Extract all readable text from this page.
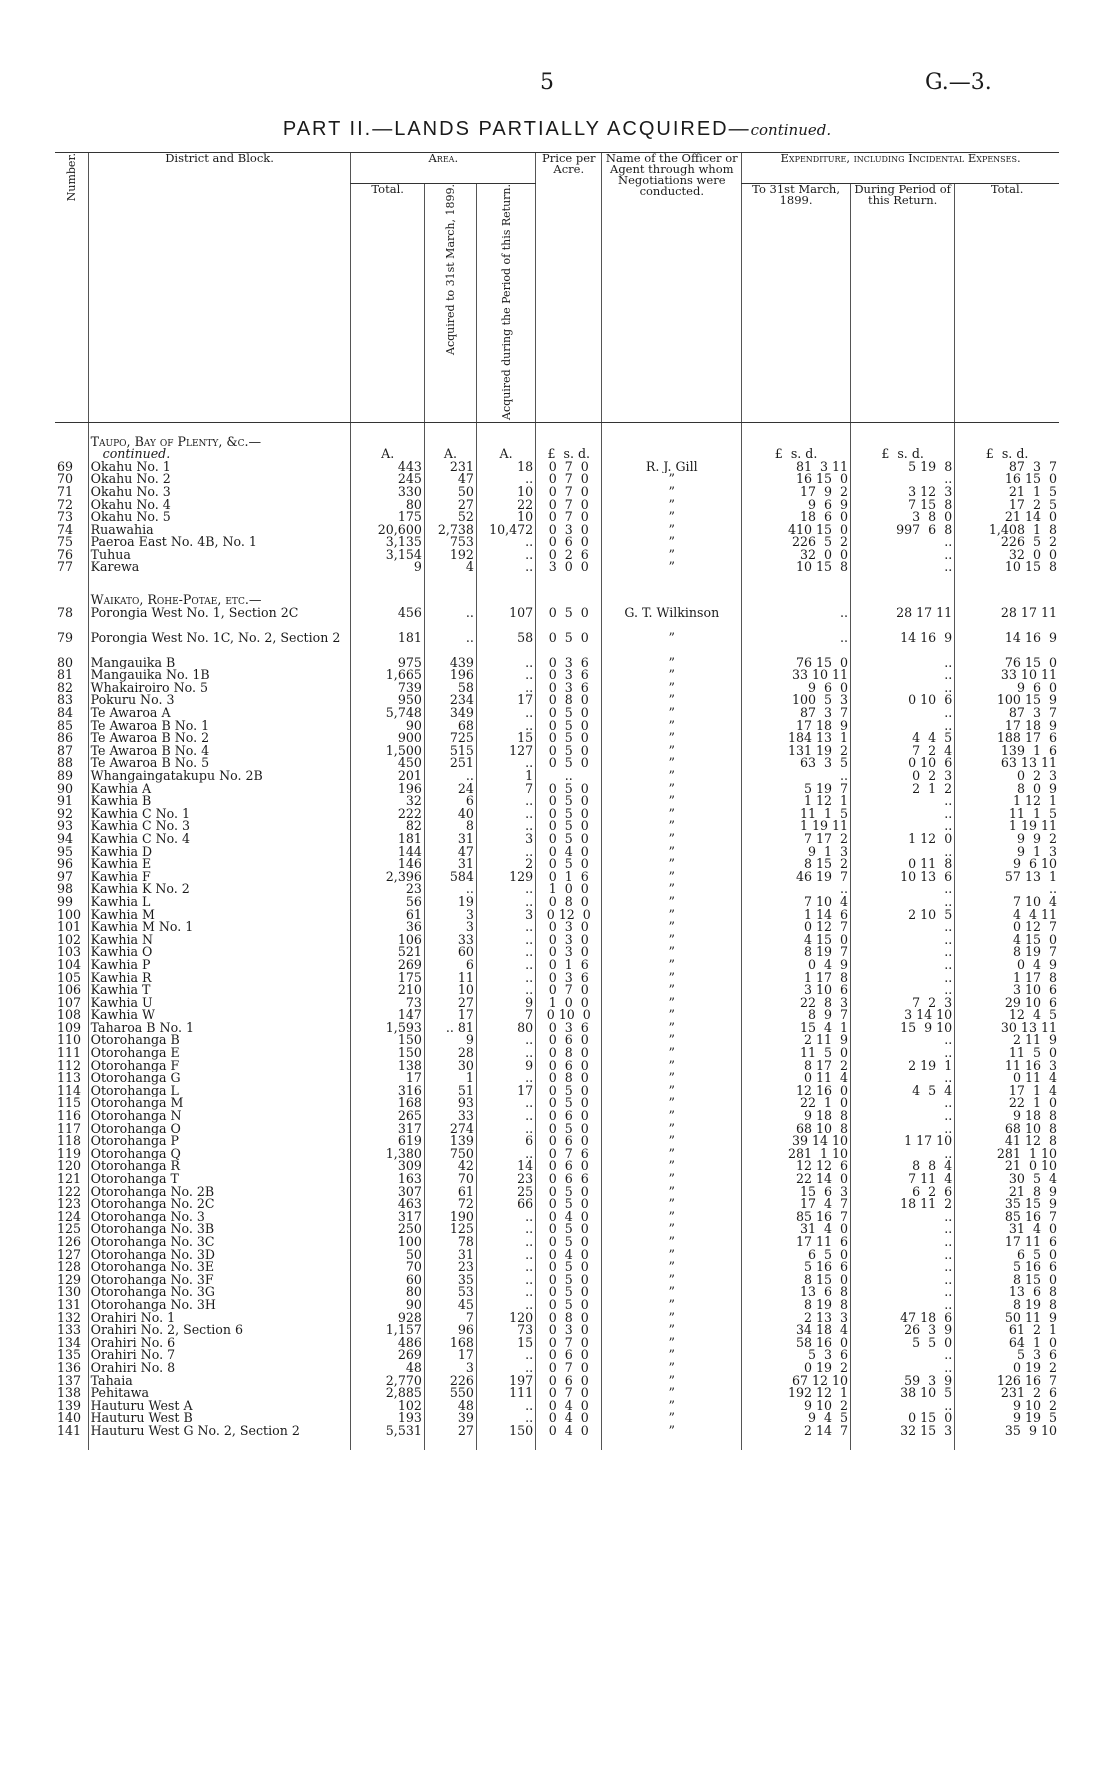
5	G.—3.
PART II.—LANDS PARTIALLY ACQUIRED—continued.
Number.	District and Block.	Area.			Price per Acre.	Name of the Officer or Agent through whom Negotiations were conducted.	Expenditure, including Incidental Expenses.		
		Total.	Acquired to 31st March, 1899.	Acquired during the Period of this Return.			To 31st March, 1899.	During Period of this Return.	Total.

	Taupo, Bay of Plenty, &c.—								
	continued.	A.	A.	A.	£ s. d.		£ s. d.	£ s. d.	£ s. d.
69	Okahu No. 1	443	231	18	0  7  0	R. J. Gill	81  3 11	5 19  8	87  3  7
70	Okahu No. 2	245	47	..	0  7  0	”	16 15  0	..	16 15  0
71	Okahu No. 3	330	50	10	0  7  0	”	17  9  2	3 12  3	21  1  5
72	Okahu No. 4	80	27	22	0  7  0	”	9  6  9	7 15  8	17  2  5
73	Okahu No. 5	175	52	10	0  7  0	”	18  6  0	3  8  0	21 14  0
74	Ruawahia	20,600	2,738	10,472	0  3  0	”	410 15  0	997  6  8	1,408  1  8
75	Paeroa East No. 4B, No. 1	3,135	753	..	0  6  0	”	226  5  2	..	226  5  2
76	Tuhua	3,154	192	..	0  2  6	”	32  0  0	..	32  0  0
77	Karewa	9	4	..	3  0  0	”	10 15  8	..	10 15  8

	Waikato, Rohe-Potae, etc.—								
78	Porongia West No. 1, Section 2C	456	..	107	0  5  0	G. T. Wilkinson	..	28 17 11	28 17 11
79	Porongia West No. 1C, No. 2, Section 2	181	..	58	0  5  0	”	..	14 16  9	14 16  9
80	Mangauika B	975	439	..	0  3  6	”	76 15  0	..	76 15  0
81	Mangauika No. 1B	1,665	196	..	0  3  6	”	33 10 11	..	33 10 11
82	Whakairoiro No. 5	739	58	..	0  3  6	”	9  6  0	..	9  6  0
83	Pokuru No. 3	950	234	17	0  8  0	”	100  5  3	0 10  6	100 15  9
84	Te Awaroa A	5,748	349	..	0  5  0	”	87  3  7	..	87  3  7
85	Te Awaroa B No. 1	90	68	..	0  5  0	”	17 18  9	..	17 18  9
86	Te Awaroa B No. 2	900	725	15	0  5  0	”	184 13  1	4  4  5	188 17  6
87	Te Awaroa B No. 4	1,500	515	127	0  5  0	”	131 19  2	7  2  4	139  1  6
88	Te Awaroa B No. 5	450	251	..	0  5  0	”	63  3  5	0 10  6	63 13 11
89	Whangaingatakupu No. 2B	201	..	1	..	”	..	0  2  3	0  2  3
90	Kawhia A	196	24	7	0  5  0	”	5 19  7	2  1  2	8  0  9
91	Kawhia B	32	6	..	0  5  0	”	1 12  1	..	1 12  1
92	Kawhia C No. 1	222	40	..	0  5  0	”	11  1  5	..	11  1  5
93	Kawhia C No. 3	82	8	..	0  5  0	”	1 19 11	..	1 19 11
94	Kawhia C No. 4	181	31	3	0  5  0	”	7 17  2	1 12  0	9  9  2
95	Kawhia D	144	47	..	0  4  0	”	9  1  3	..	9  1  3
96	Kawhia E	146	31	2	0  5  0	”	8 15  2	0 11  8	9  6 10
97	Kawhia F	2,396	584	129	0  1  6	”	46 19  7	10 13  6	57 13  1
98	Kawhia K No. 2	23	..	..	1  0  0	”	..	..	..
99	Kawhia L	56	19	..	0  8  0	”	7 10  4	..	7 10  4
100	Kawhia M	61	3	3	0 12  0	”	1 14  6	2 10  5	4  4 11
101	Kawhia M No. 1	36	3	..	0  3  0	”	0 12  7	..	0 12  7
102	Kawhia N	106	33	..	0  3  0	”	4 15  0	..	4 15  0
103	Kawhia O	521	60	..	0  3  0	”	8 19  7	..	8 19  7
104	Kawhia P	269	6	..	0  1  6	”	0  4  9	..	0  4  9
105	Kawhia R	175	11	..	0  3  6	”	1 17  8	..	1 17  8
106	Kawhia T	210	10	..	0  7  0	”	3 10  6	..	3 10  6
107	Kawhia U	73	27	9	1  0  0	”	22  8  3	7  2  3	29 10  6
108	Kawhia W	147	17	7	0 10  0	”	8  9  7	3 14 10	12  4  5
109	Taharoa B No. 1	1,593	.. 81	80	0  3  6	”	15  4  1	15  9 10	30 13 11
110	Otorohanga B	150	9	..	0  6  0	”	2 11  9	..	2 11  9
111	Otorohanga E	150	28	..	0  8  0	”	11  5  0	..	11  5  0
112	Otorohanga F	138	30	9	0  6  0	”	8 17  2	2 19  1	11 16  3
113	Otorohanga G	17	1	..	0  8  0	”	0 11  4	..	0 11  4
114	Otorohanga L	316	51	17	0  5  0	”	12 16  0	4  5  4	17  1  4
115	Otorohanga M	168	93	..	0  5  0	”	22  1  0	..	22  1  0
116	Otorohanga N	265	33	..	0  6  0	”	9 18  8	..	9 18  8
117	Otorohanga O	317	274	..	0  5  0	”	68 10  8	..	68 10  8
118	Otorohanga P	619	139	6	0  6  0	”	39 14 10	1 17 10	41 12  8
119	Otorohanga Q	1,380	750	..	0  7  6	”	281  1 10	..	281  1 10
120	Otorohanga R	309	42	14	0  6  0	”	12 12  6	8  8  4	21  0 10
121	Otorohanga T	163	70	23	0  6  6	”	22 14  0	7 11  4	30  5  4
122	Otorohanga No. 2B	307	61	25	0  5  0	”	15  6  3	6  2  6	21  8  9
123	Otorohanga No. 2C	463	72	66	0  5  0	”	17  4  7	18 11  2	35 15  9
124	Otorohanga No. 3	317	190	..	0  4  0	”	85 16  7	..	85 16  7
125	Otorohanga No. 3B	250	125	..	0  5  0	”	31  4  0	..	31  4  0
126	Otorohanga No. 3C	100	78	..	0  5  0	”	17 11  6	..	17 11  6
127	Otorohanga No. 3D	50	31	..	0  4  0	”	6  5  0	..	6  5  0
128	Otorohanga No. 3E	70	23	..	0  5  0	”	5 16  6	..	5 16  6
129	Otorohanga No. 3F	60	35	..	0  5  0	”	8 15  0	..	8 15  0
130	Otorohanga No. 3G	80	53	..	0  5  0	”	13  6  8	..	13  6  8
131	Otorohanga No. 3H	90	45	..	0  5  0	”	8 19  8	..	8 19  8
132	Orahiri No. 1	928	7	120	0  8  0	”	2 13  3	47 18  6	50 11  9
133	Orahiri No. 2, Section 6	1,157	96	73	0  3  0	”	34 18  4	26  3  9	61  2  1
134	Orahiri No. 6	486	168	15	0  7  0	”	58 16  0	5  5  0	64  1  0
135	Orahiri No. 7	269	17	..	0  6  0	”	5  3  6	..	5  3  6
136	Orahiri No. 8	48	3	..	0  7  0	”	0 19  2	..	0 19  2
137	Tahaia	2,770	226	197	0  6  0	”	67 12 10	59  3  9	126 16  7
138	Pehitawa	2,885	550	111	0  7  0	”	192 12  1	38 10  5	231  2  6
139	Hauturu West A	102	48	..	0  4  0	”	9 10  2	..	9 10  2
140	Hauturu West B	193	39	..	0  4  0	”	9  4  5	0 15  0	9 19  5
141	Hauturu West G No. 2, Section 2	5,531	27	150	0  4  0	”	2 14  7	32 15  3	35  9 10
